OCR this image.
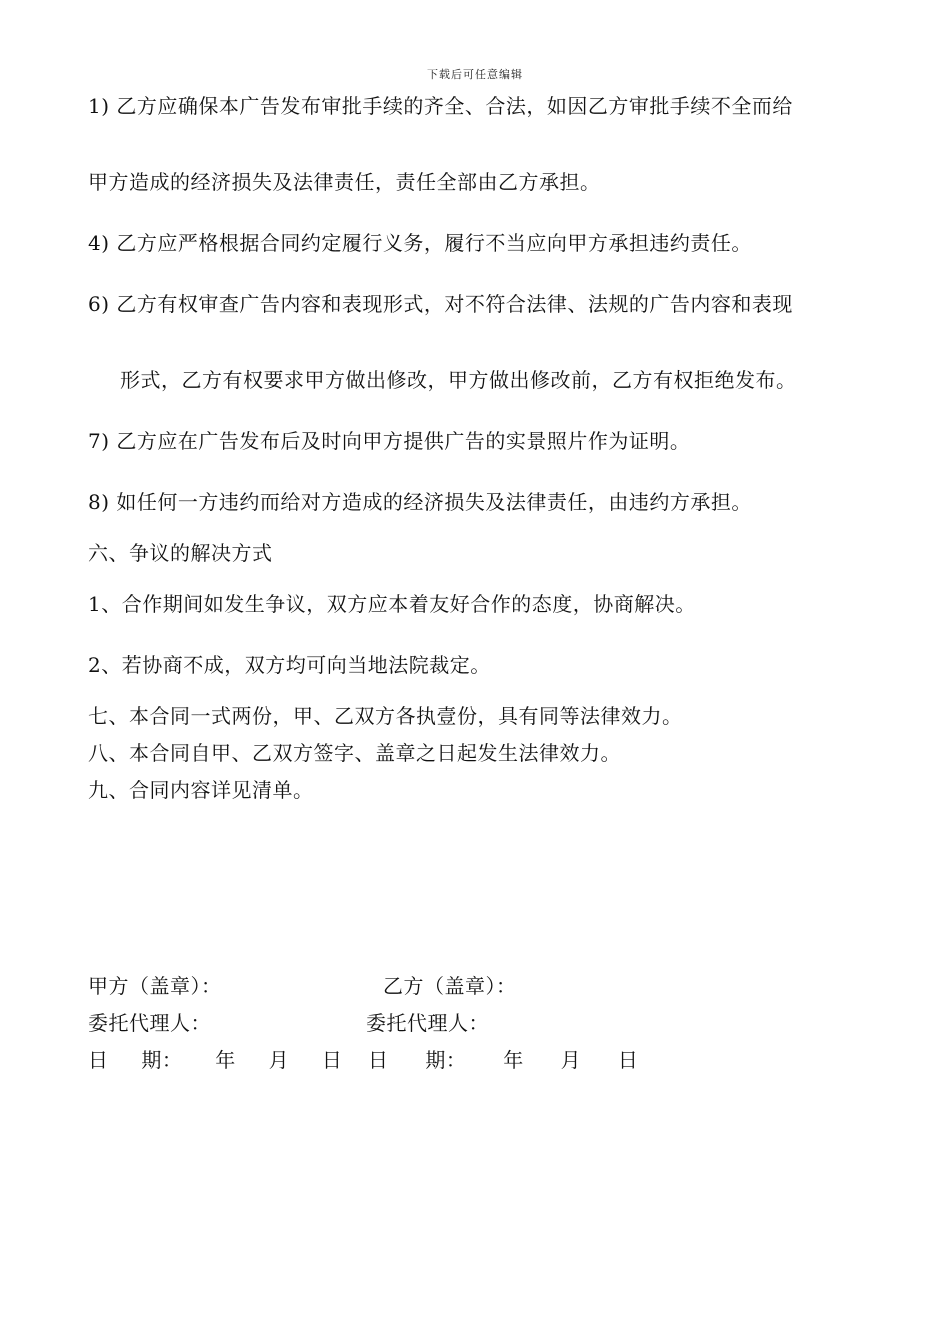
下载后可任意编辑
1) 乙方应确保本广告发布审批手续的齐全、合法，如因乙方审批手续不全而给
甲方造成的经济损失及法律责任，责任全部由乙方承担。
4) 乙方应严格根据合同约定履行义务，履行不当应向甲方承担违约责任。
6) 乙方有权审查广告内容和表现形式，对不符合法律、法规的广告内容和表现
形式，乙方有权要求甲方做出修改，甲方做出修改前，乙方有权拒绝发布。
7) 乙方应在广告发布后及时向甲方提供广告的实景照片作为证明。
8) 如任何一方违约而给对方造成的经济损失及法律责任，由违约方承担。
六、争议的解决方式
1、合作期间如发生争议，双方应本着友好合作的态度，协商解决。
2、若协商不成，双方均可向当地法院裁定。
七、本合同一式两份，甲、乙双方各执壹份，具有同等法律效力。
八、本合同自甲、乙双方签字、盖章之日起发生法律效力。
九、合同内容详见清单。
甲方（盖章）：	乙方（盖章）：
委托代理人：	委托代理人：
日 期： 年 月 日 日 期： 年 月 日
